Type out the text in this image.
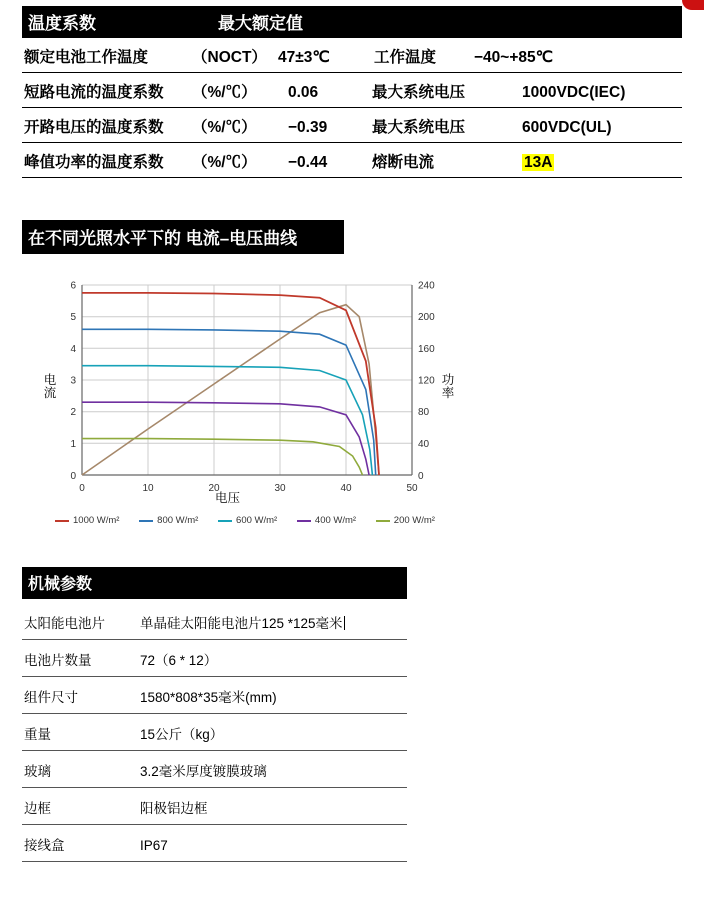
温度系数	最大额定值
额定电池工作温度	（NOCT） 47±3℃	工作温度	−40~+85℃
短路电流的温度系数	（%/℃）	0.06	最大系统电压	1000VDC(IEC)
开路电压的温度系数	（%/℃）	−0.39	最大系统电压	600VDC(UL)
峰值功率的温度系数	（%/℃）	−0.44	熔断电流	13A
在不同光照水平下的 电流–电压曲线
0
1
2
3
4
5
6
0
40
80
120
160
200
240
0	10	20	30	40	50
电流
功率
电压
1000 W/m²	800 W/m²	600 W/m²	400 W/m²	200 W/m²
机械参数
太阳能电池片	单晶硅太阳能电池片125 *125毫米
电池片数量	72（6 * 12）
组件尺寸	1580*808*35毫米(mm)
重量	15公斤（kg）
玻璃	3.2毫米厚度镀膜玻璃
边框	阳极铝边框
接线盒	IP67
